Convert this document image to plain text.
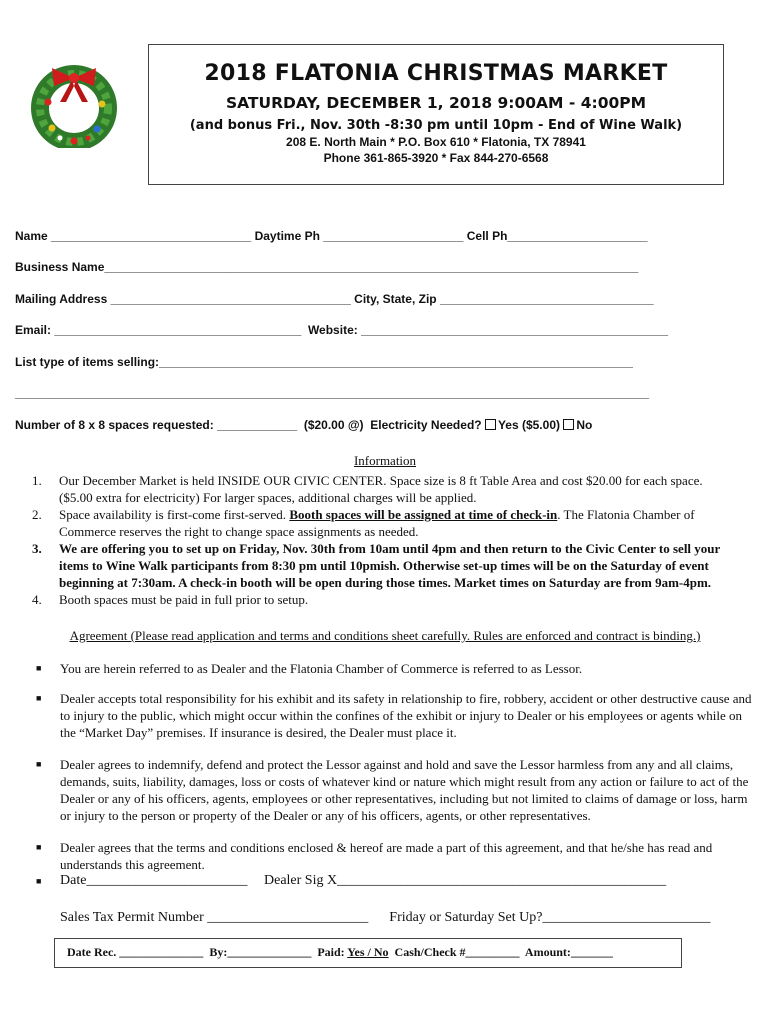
2018 FLATONIA CHRISTMAS MARKET
SATURDAY, DECEMBER 1, 2018 9:00AM - 4:00PM
(and bonus Fri., Nov. 30th -8:30 pm until 10pm - End of Wine Walk)
208 E. North Main * P.O. Box 610 * Flatonia, TX 78941
Phone 361-865-3920 * Fax 844-270-6568
Name ______________________________ Daytime Ph _____________________ Cell Ph_____________________
Business Name________________________________________________________________________________
Mailing Address ____________________________________ City, State, Zip ________________________________
Email: _____________________________________  Website: ______________________________________________
List type of items selling:_______________________________________________________________________
_______________________________________________________________________________________________
Number of 8 x 8 spaces requested: ____________  ($20.00 @)  Electricity Needed? Yes ($5.00) No
Information
1.	Our December Market is held INSIDE OUR CIVIC CENTER. Space size is 8 ft Table Area and cost $20.00 for each space. ($5.00 extra for electricity) For larger spaces, additional charges will be applied.
2.	Space availability is first-come first-served. Booth spaces will be assigned at time of check-in. The Flatonia Chamber of Commerce reserves the right to change space assignments as needed.
3.	We are offering you to set up on Friday, Nov. 30th from 10am until 4pm and then return to the Civic Center to sell your items to Wine Walk participants from 8:30 pm until 10pmish. Otherwise set-up times will be on the Saturday of event beginning at 7:30am. A check-in booth will be open during those times. Market times on Saturday are from 9am-4pm.
4.	Booth spaces must be paid in full prior to setup.
Agreement (Please read application and terms and conditions sheet carefully. Rules are enforced and contract is binding.)
■	You are herein referred to as Dealer and the Flatonia Chamber of Commerce is referred to as Lessor.
■	Dealer accepts total responsibility for his exhibit and its safety in relationship to fire, robbery, accident or other destructive cause and to injury to the public, which might occur within the confines of the exhibit or injury to Dealer or his employees or agents while on the “Market Day” premises. If insurance is desired, the Dealer must place it.
■	Dealer agrees to indemnify, defend and protect the Lessor against and hold and save the Lessor harmless from any and all claims, demands, suits, liability, damages, loss or costs of whatever kind or nature which might result from any action or failure to act of the Dealer or any of his officers, agents, employees or other representatives, including but not limited to claims of damage or loss, harm or injury to the person or property of the Dealer or any of his officers, agents, or other representatives.
■	Dealer agrees that the terms and conditions enclosed & hereof are made a part of this agreement, and that he/she has read and understands this agreement.
■	Date_______________________	Dealer Sig X_______________________________________________
Sales Tax Permit Number _______________________      Friday or Saturday Set Up?________________________
Date Rec. ______________  By:______________  Paid: Yes / No  Cash/Check #_________  Amount:_______
